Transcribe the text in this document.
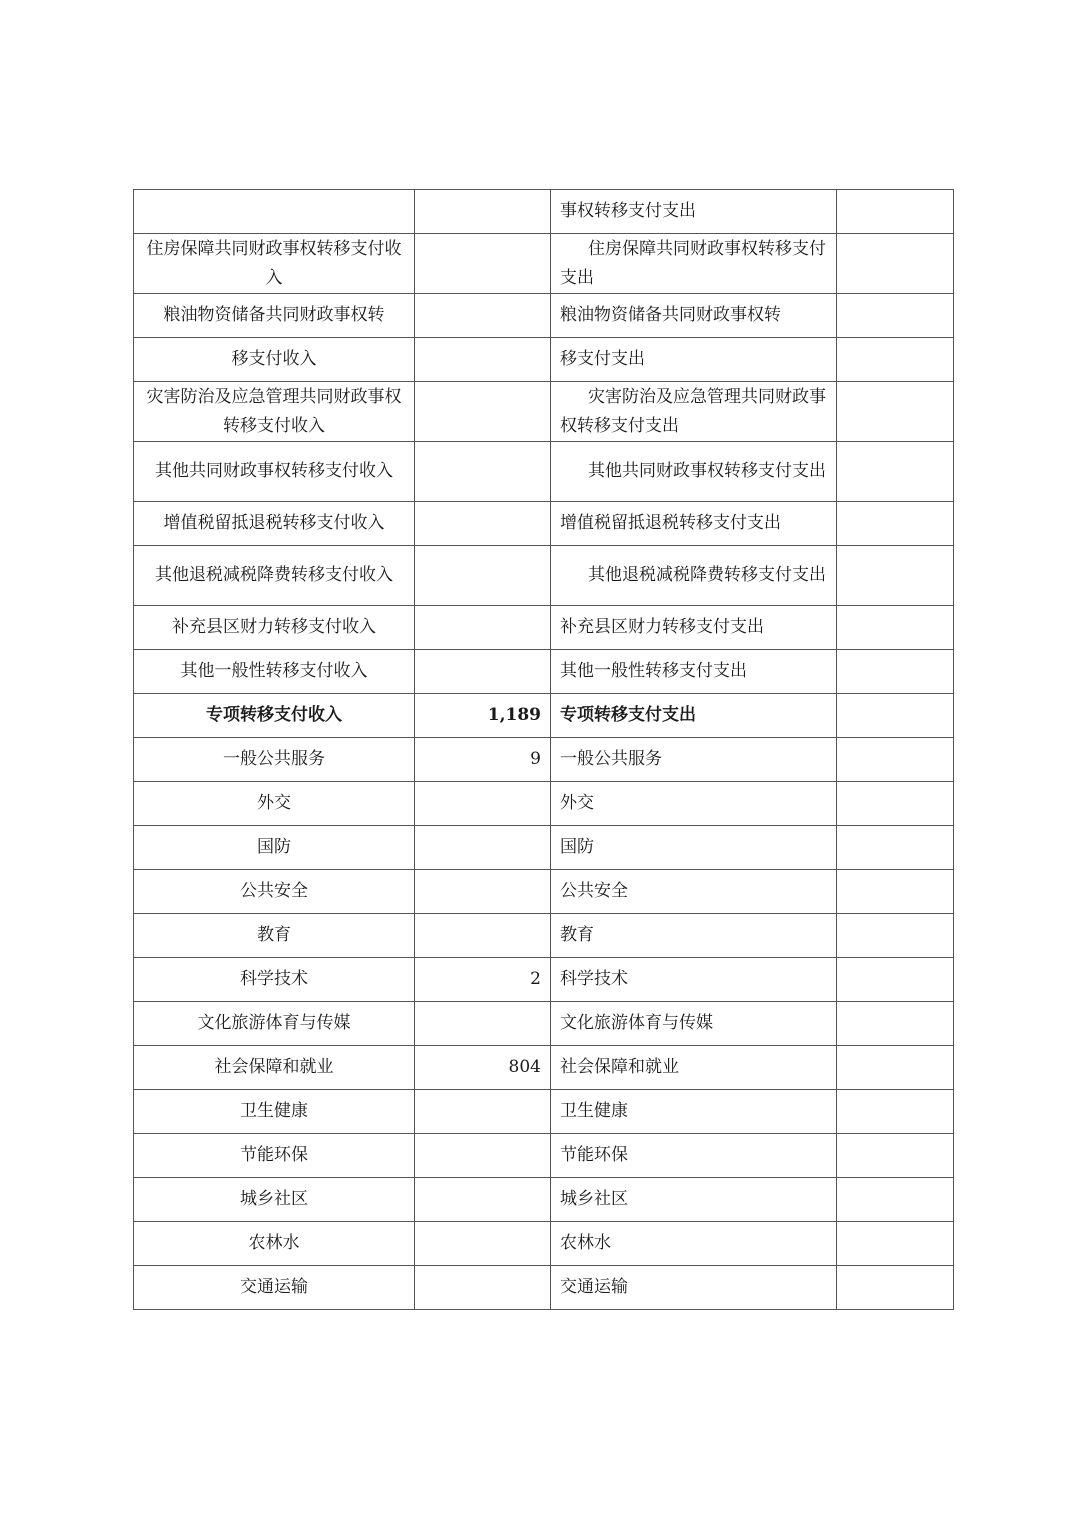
		事权转移支付支出	
住房保障共同财政事权转移支付收入		住房保障共同财政事权转移支付支出	
粮油物资储备共同财政事权转		粮油物资储备共同财政事权转	
移支付收入		移支付支出	
灾害防治及应急管理共同财政事权转移支付收入		灾害防治及应急管理共同财政事权转移支付支出	
其他共同财政事权转移支付收入		其他共同财政事权转移支付支出	
增值税留抵退税转移支付收入		增值税留抵退税转移支付支出	
其他退税减税降费转移支付收入		其他退税减税降费转移支付支出	
补充县区财力转移支付收入		补充县区财力转移支付支出	
其他一般性转移支付收入		其他一般性转移支付支出	
专项转移支付收入	1,189	专项转移支付支出	
一般公共服务	9	一般公共服务	
外交		外交	
国防		国防	
公共安全		公共安全	
教育		教育	
科学技术	2	科学技术	
文化旅游体育与传媒		文化旅游体育与传媒	
社会保障和就业	804	社会保障和就业	
卫生健康		卫生健康	
节能环保		节能环保	
城乡社区		城乡社区	
农林水		农林水	
交通运输		交通运输	
